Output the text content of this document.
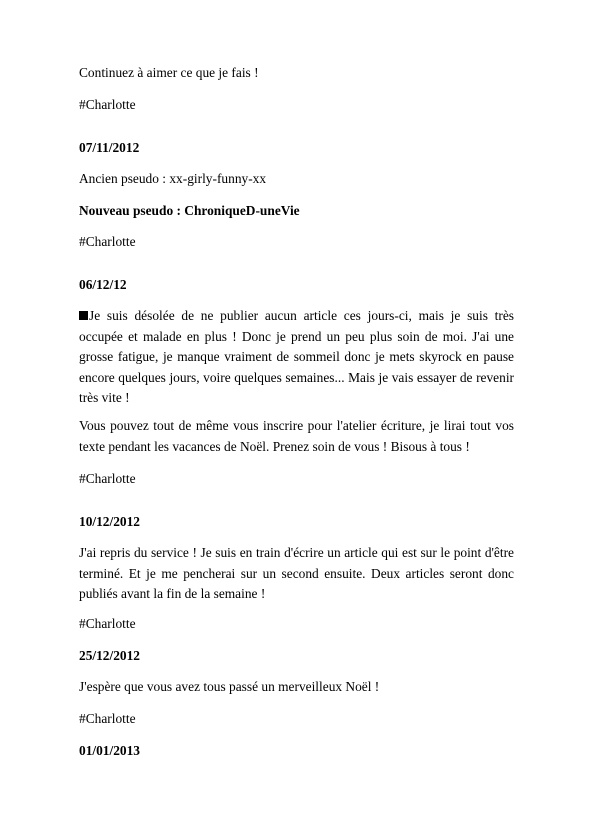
Continuez à aimer ce que je fais !
#Charlotte
07/11/2012
Ancien pseudo : xx-girly-funny-xx
Nouveau pseudo : ChroniqueD-uneVie
#Charlotte
06/12/12
Je suis désolée de ne publier aucun article ces jours-ci, mais je suis très occupée et malade en plus ! Donc je prend un peu plus soin de moi. J'ai une grosse fatigue, je manque vraiment de sommeil donc je mets skyrock en pause encore quelques jours, voire quelques semaines... Mais je vais essayer de revenir très vite !
Vous pouvez tout de même vous inscrire pour l'atelier écriture, je lirai tout vos texte pendant les vacances de Noël. Prenez soin de vous ! Bisous à tous !
#Charlotte
10/12/2012
J'ai repris du service ! Je suis en train d'écrire un article qui est sur le point d'être terminé. Et je me pencherai sur un second ensuite. Deux articles seront donc publiés avant la fin de la semaine !
#Charlotte
25/12/2012
J'espère que vous avez tous passé un merveilleux Noël !
#Charlotte
01/01/2013
